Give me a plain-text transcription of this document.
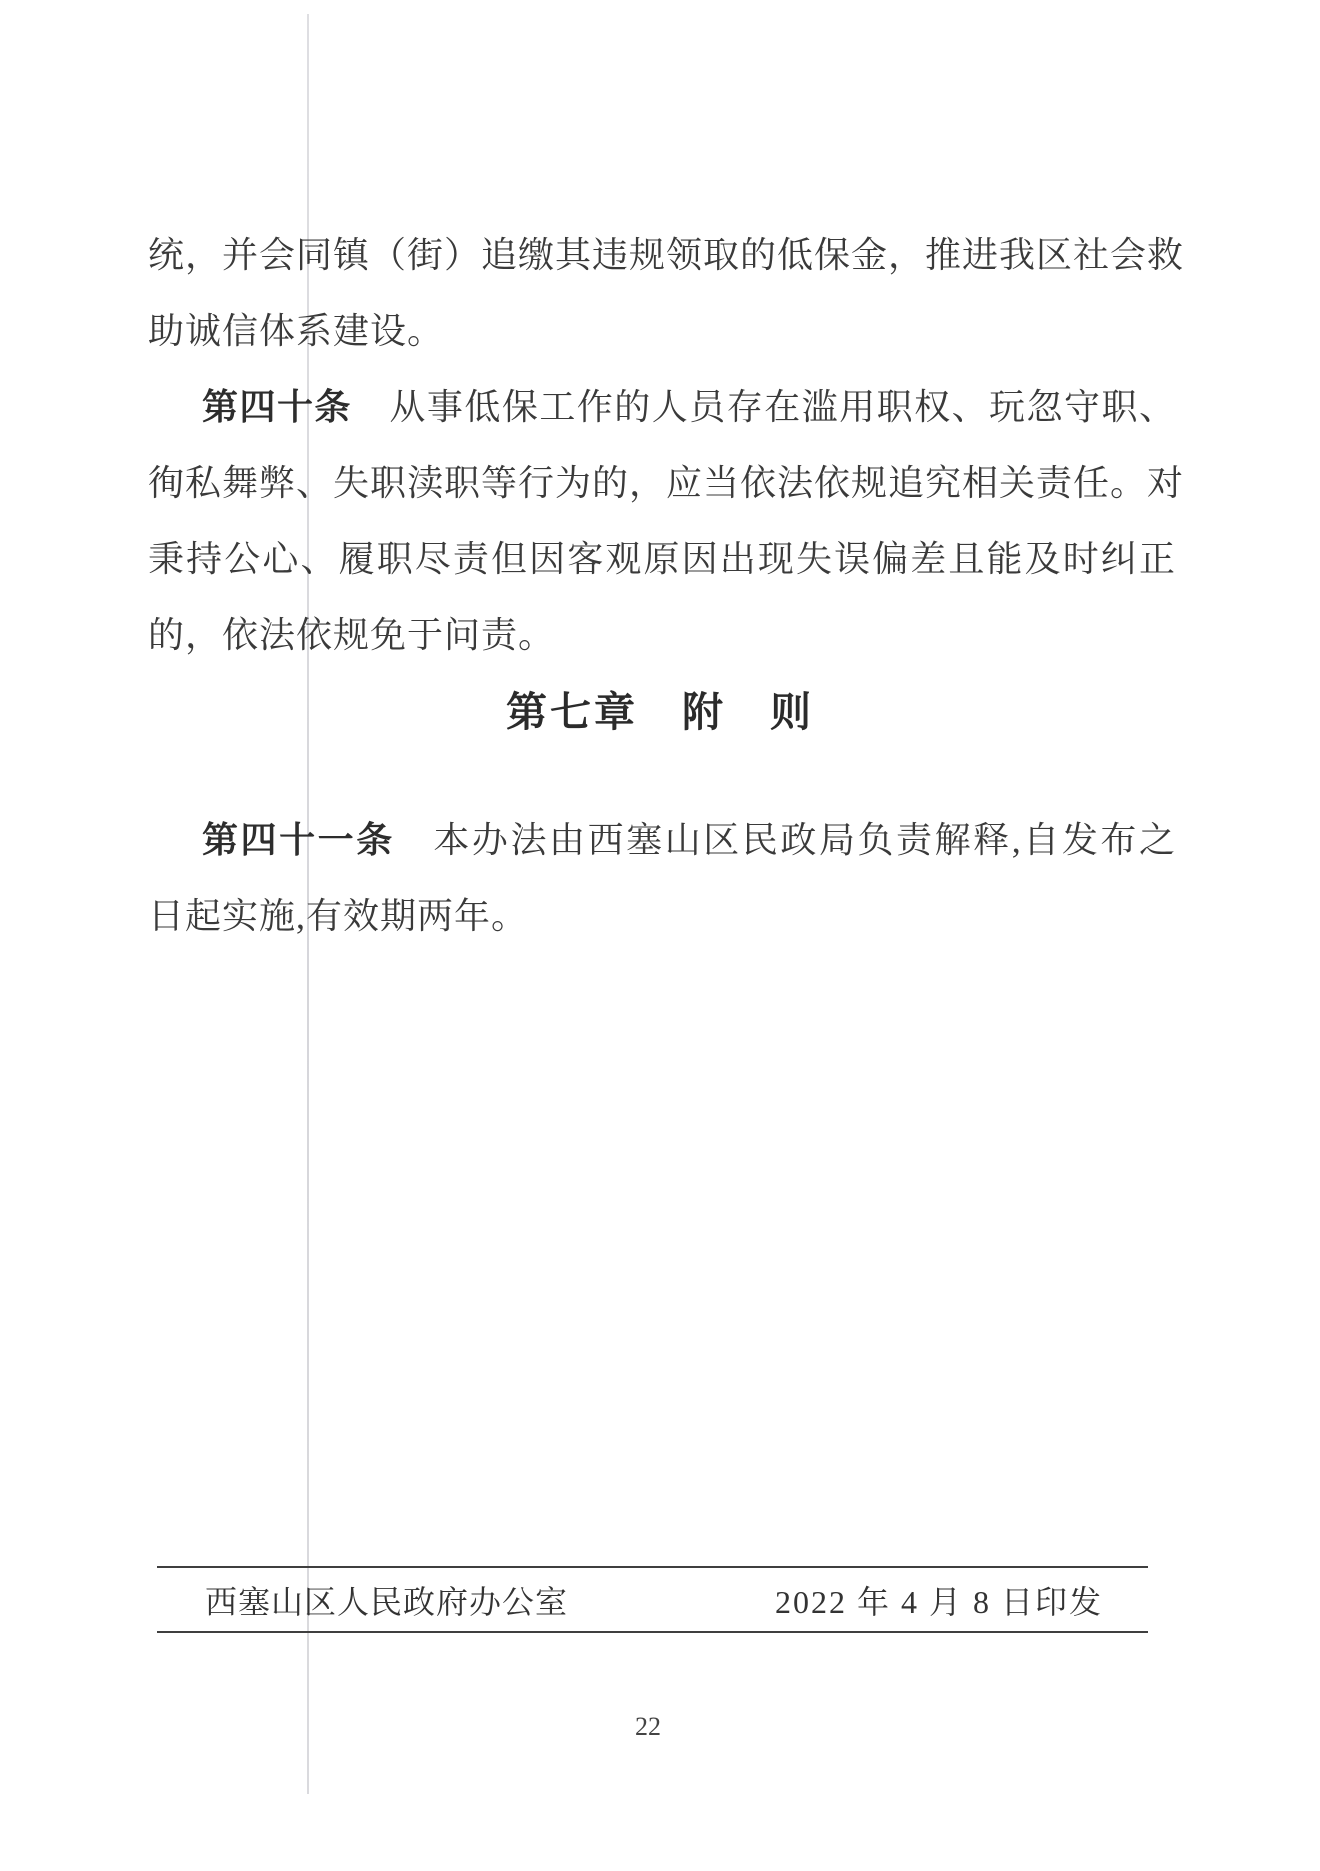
统，并会同镇（街）追缴其违规领取的低保金，推进我区社会救
助诚信体系建设。
第四十条　从事低保工作的人员存在滥用职权、玩忽守职、
徇私舞弊、失职渎职等行为的，应当依法依规追究相关责任。对
秉持公心、履职尽责但因客观原因出现失误偏差且能及时纠正
的，依法依规免于问责。
第七章　附　则
第四十一条　本办法由西塞山区民政局负责解释,自发布之
日起实施,有效期两年。
西塞山区人民政府办公室	2022 年 4 月 8 日印发
22
